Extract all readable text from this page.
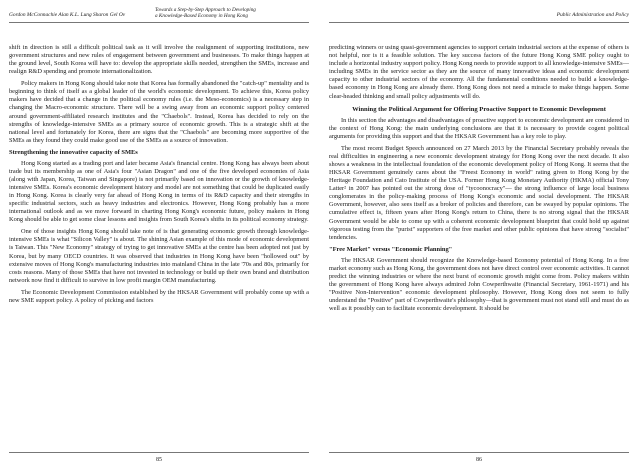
Gordon McConnachie Alan K.L. Lung Sharon Gel Ov
Towards a Step-by-Step Approach to Developing
a Knowledge-Based Economy in Hong Kong

shift in direction is still a difficult political task as it will involve the realignment of supporting institutions, new government structures and new rules of engagement between government and businesses. To make things happen at the ground level, South Korea will have to: develop the appropriate skills needed, strengthen the SMEs, increase and realign R&D spending and promote internationalization.

Policy makers in Hong Kong should take note that Korea has formally abandoned the "catch-up" mentality and is beginning to think of itself as a global leader of the world's economic development. To achieve this, Korea policy makers have decided that a change in the political economy rules (i.e. the Meso-economics) is a necessary step in changing the Macro-economic structure. There will be a swing away from an economic support policy centered around government-affiliated research institutes and the "Chaebols". Instead, Korea has decided to rely on the strengths of knowledge-intensive SMEs as a primary source of economic growth. This is a strategic shift at the national level and fortunately for Korea, there are signs that the "Chaebols" are becoming more supportive of the SMEs as they found they could make good use of the SMEs as a source of innovation.

Strengthening the innovative capacity of SMEs

Hong Kong started as a trading port and later became Asia's financial centre. Hong Kong has always been about trade but its membership as one of Asia's four "Asian Dragon" and one of the five developed economies of Asia (along with Japan, Korea, Taiwan and Singapore) is not primarily based on innovation or the growth of knowledge-intensive SMEs. Korea's economic development history and model are not something that could be duplicated easily in Hong Kong. Korea is clearly very far ahead of Hong Kong in terms of its R&D capacity and their strengths in specific industrial sectors, such as heavy industries and electronics. However, Hong Kong probably has a more international outlook and as we move forward in charting Hong Kong's economic future, policy makers in Hong Kong should be able to get some clear lessons and insights from South Korea's shifts in its political economy strategy.

One of those insights Hong Kong should take note of is that generating economic growth through knowledge-intensive SMEs is what "Silicon Valley" is about. The shining Asian example of this mode of economic development is Taiwan. This "New Economy" strategy of trying to get innovative SMEs at the centre has been adopted not just by Korea, but by many OECD countries. It was observed that industries in Hong Kong have been "hollowed out" by extensive moves of Hong Kong's manufacturing industries into mainland China in the late '70s and 80s, primarily for costs reasons. Many of those SMEs that have not invested in technology or build up their own brand and distribution network now find it difficult to survive in low profit margin OEM manufacturing.

The Economic Development Commission established by the HKSAR Government will probably come up with a new SME support policy. A policy of picking and factors

85
Public Administration and Policy

predicting winners or using quasi-government agencies to support certain industrial sectors at the expense of others is not helpful, nor is it a feasible solution. The key success factors of the future Hong Kong SME policy ought to include a horizontal industry support policy. Hong Kong needs to provide support to all knowledge-intensive SMEs— including SMEs in the service sector as they are the source of many innovative ideas and economic development capacity to other industrial sectors of the economy. All the fundamental conditions needed to build a knowledge-based economy in Hong Kong are already there. Hong Kong does not need a miracle to make things happen. Some clear-headed thinking and small policy adjustments will do.

Winning the Political Argument for Offering Proactive Support to Economic Development

In this section the advantages and disadvantages of proactive support to economic development are considered in the context of Hong Kong: the main underlying conclusions are that it is necessary to provide cogent political arguments for providing this support and that the HKSAR Government has a key role to play.

The most recent Budget Speech announced on 27 March 2013 by the Financial Secretary probably reveals the real difficulties in engineering a new economic development strategy for Hong Kong over the next decade. It also shows a weakness in the intellectual foundation of the economic development policy of Hong Kong. It seems that the HKSAR Government genuinely cares about the "Freest Economy in world" rating given to Hong Kong by the Heritage Foundation and Cato Institute of the USA. Former Hong Kong Monetary Authority (HKMA) official Tony Latter² in 2007 has pointed out the strong dose of "tycoonocracy"— the strong influence of large local business conglomerates in the policy-making process of Hong Kong's economic and social development. The HKSAR Government, however, also sees itself as a broker of policies and therefore, can be swayed by popular opinions. The cumulative effect is, fifteen years after Hong Kong's return to China, there is no strong signal that the HKSAR Government would be able to come up with a coherent economic development blueprint that could hold up against vigorous testing from the "purist" supporters of the free market and other public opinions that have strong "socialist" tendencies.

"Free Market" versus "Economic Planning"

The HKSAR Government should recognize the Knowledge-based Economy potential of Hong Kong. In a free market economy such as Hong Kong, the government does not have direct control over economic activities. It cannot predict the winning industries or where the next burst of economic growth might come from. Policy makers within the government of Hong Kong have always admired John Cowperthwaite (Financial Secretary, 1961-1971) and his "Positive Non-Intervention" economic development philosophy. However, Hong Kong does not seem to fully understand the "Positive" part of Cowperthwaite's philosophy—that is government must not stand still and must do as well as it possibly can to facilitate economic development. It should be

86
